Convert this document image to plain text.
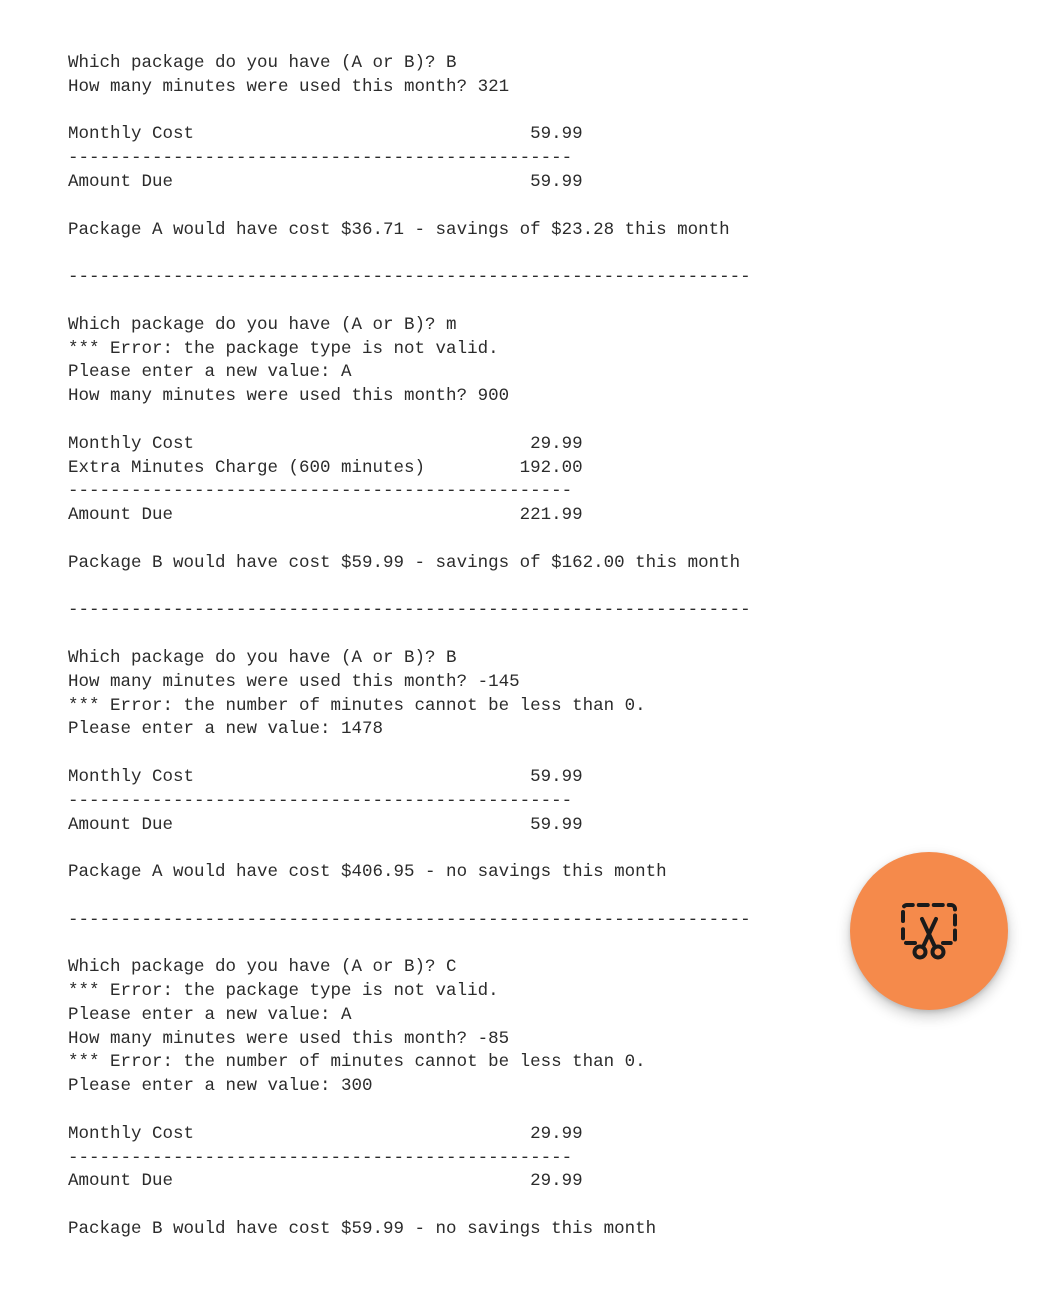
Which package do you have (A or B)? B
How many minutes were used this month? 321
Monthly Cost                                59.99
------------------------------------------------
Amount Due                                  59.99
Package A would have cost $36.71 - savings of $23.28 this month
-----------------------------------------------------------------
Which package do you have (A or B)? m
*** Error: the package type is not valid.
Please enter a new value: A
How many minutes were used this month? 900
Monthly Cost                                29.99
Extra Minutes Charge (600 minutes)         192.00
------------------------------------------------
Amount Due                                 221.99
Package B would have cost $59.99 - savings of $162.00 this month
-----------------------------------------------------------------
Which package do you have (A or B)? B
How many minutes were used this month? -145
*** Error: the number of minutes cannot be less than 0.
Please enter a new value: 1478
Monthly Cost                                59.99
------------------------------------------------
Amount Due                                  59.99
Package A would have cost $406.95 - no savings this month
-----------------------------------------------------------------
Which package do you have (A or B)? C
*** Error: the package type is not valid.
Please enter a new value: A
How many minutes were used this month? -85
*** Error: the number of minutes cannot be less than 0.
Please enter a new value: 300
Monthly Cost                                29.99
------------------------------------------------
Amount Due                                  29.99
Package B would have cost $59.99 - no savings this month
